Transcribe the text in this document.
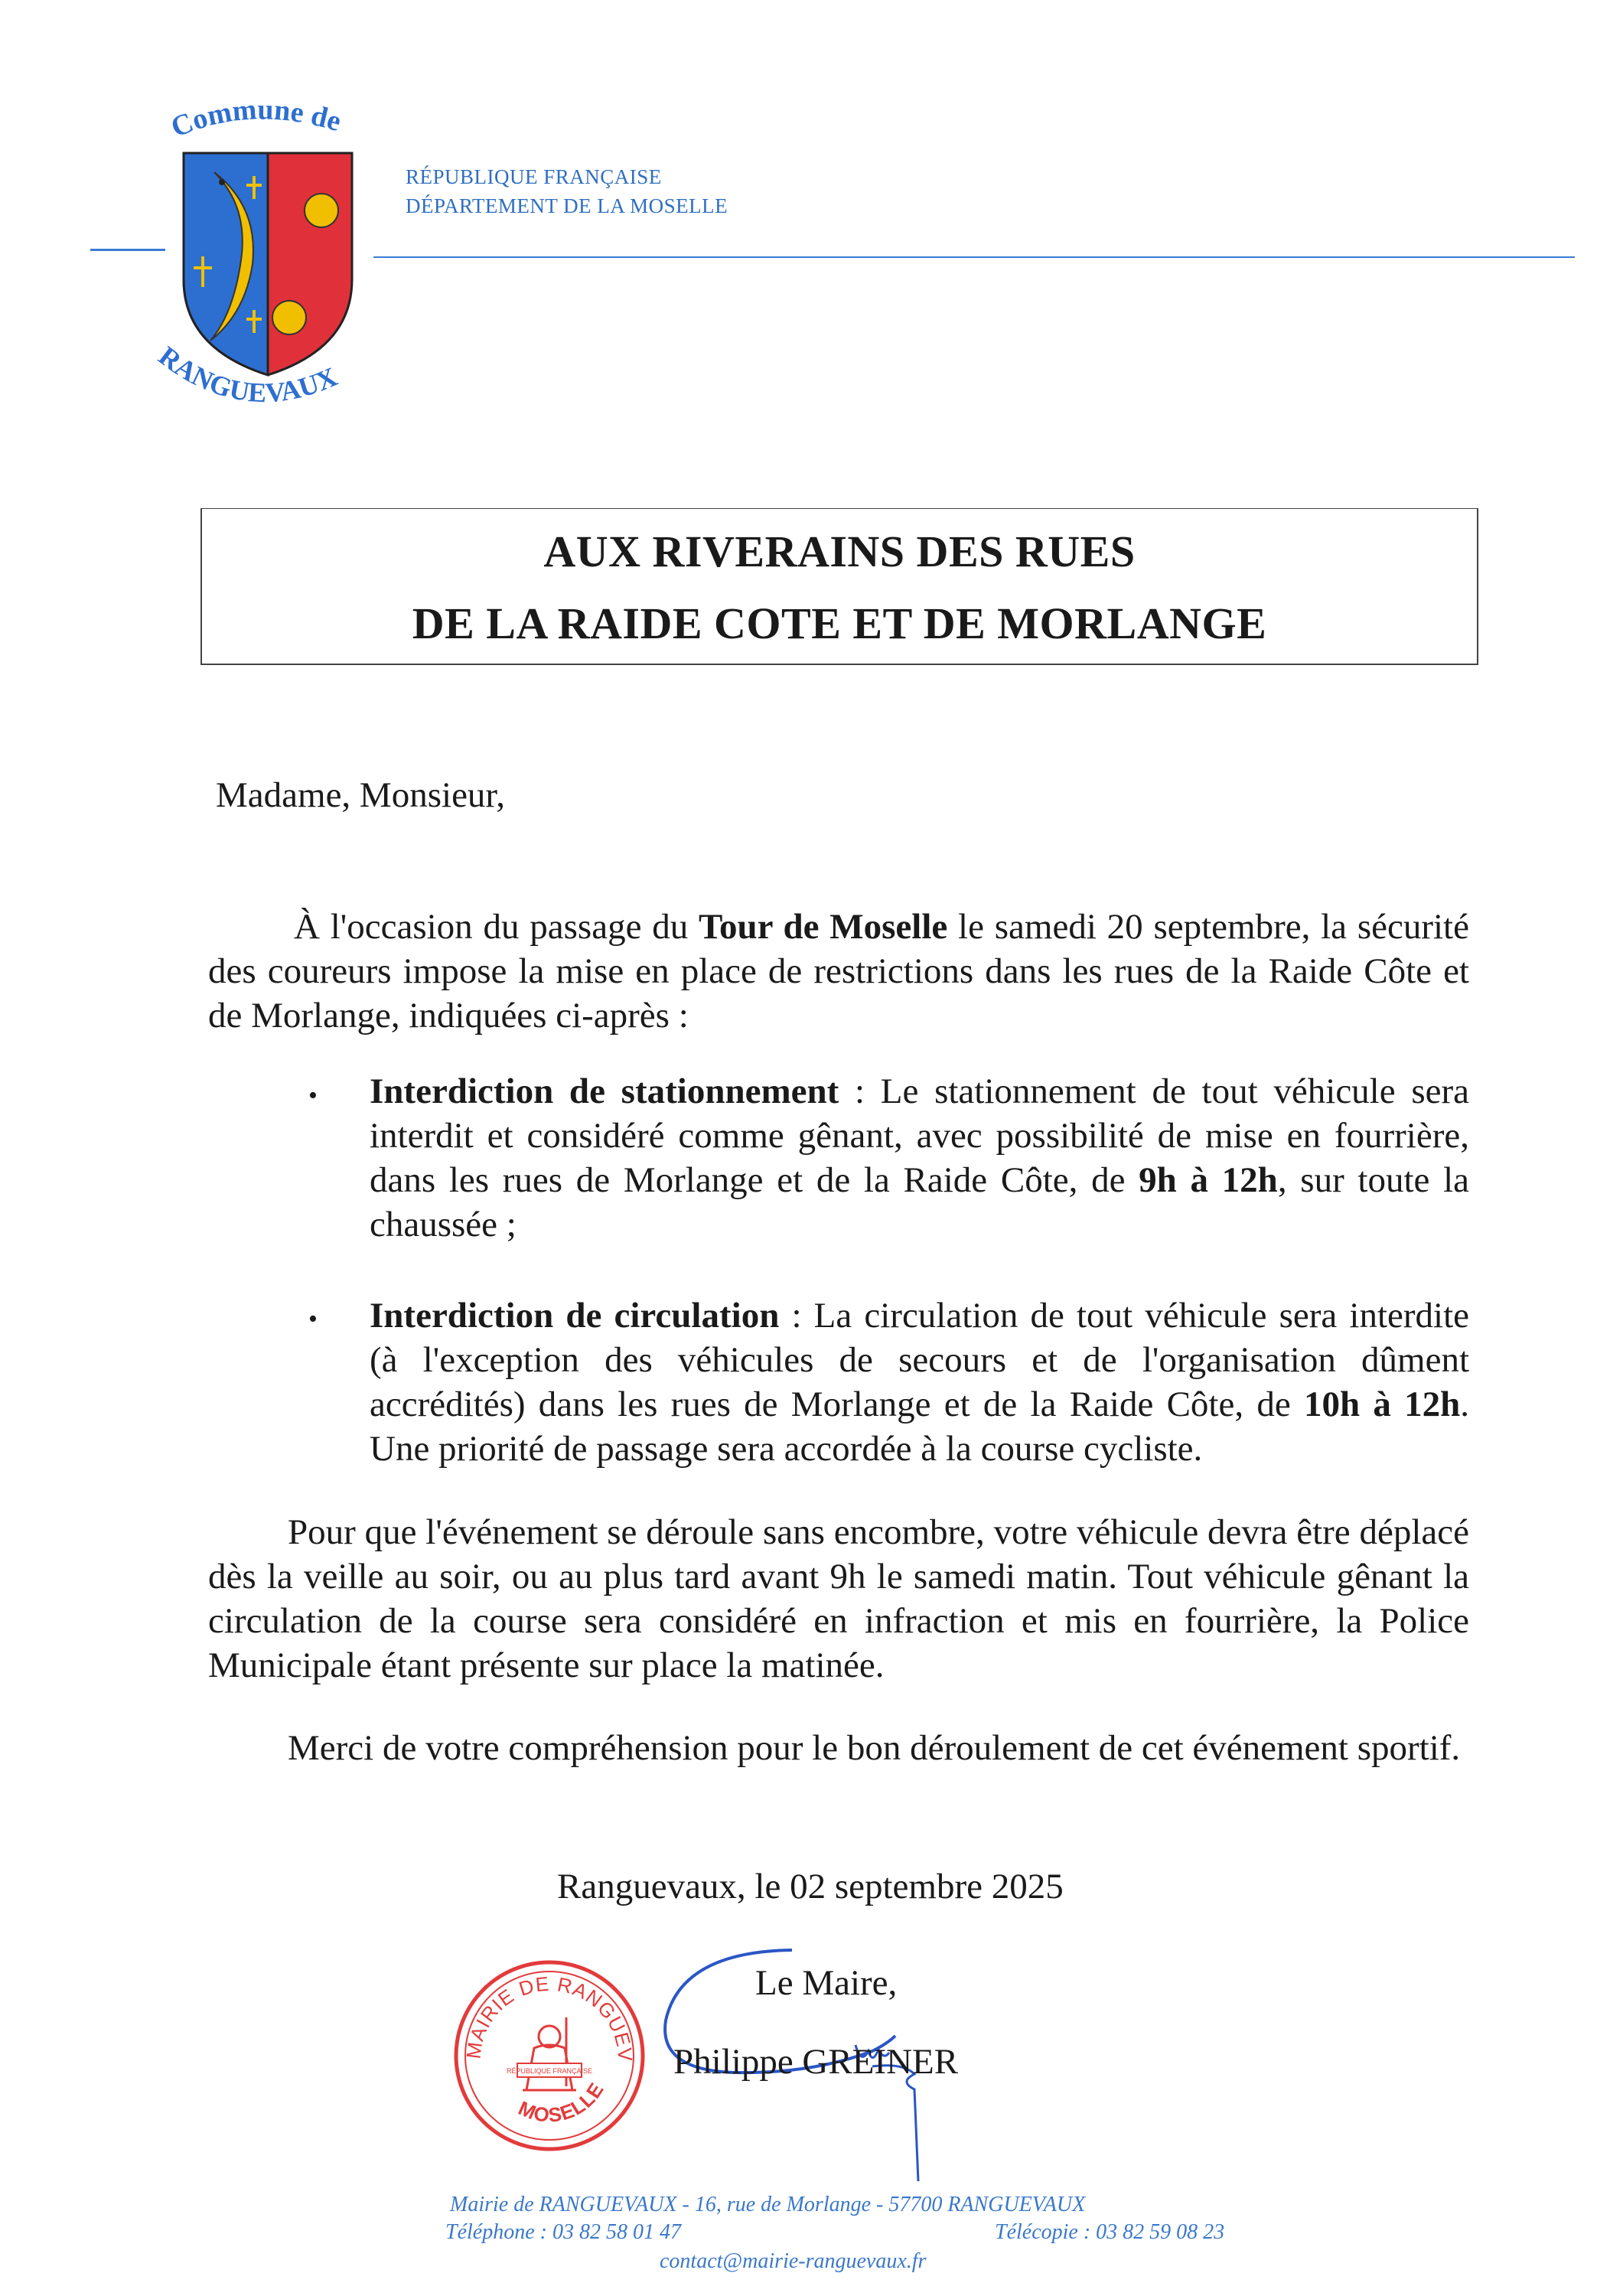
Commune de
RANGUEVAUX
RÉPUBLIQUE FRANÇAISE
DÉPARTEMENT DE LA MOSELLE
AUX RIVERAINS DES RUES
DE LA RAIDE COTE ET DE MORLANGE
Madame, Monsieur,
À l'occasion du passage du Tour de Moselle le samedi 20 septembre, la sécurité des coureurs impose la mise en place de restrictions dans les rues de la Raide Côte et de Morlange, indiquées ci-après :
• Interdiction de stationnement : Le stationnement de tout véhicule sera interdit et considéré comme gênant, avec possibilité de mise en fourrière, dans les rues de Morlange et de la Raide Côte, de 9h à 12h, sur toute la chaussée ;
• Interdiction de circulation : La circulation de tout véhicule sera interdite (à l'exception des véhicules de secours et de l'organisation dûment accrédités) dans les rues de Morlange et de la Raide Côte, de 10h à 12h. Une priorité de passage sera accordée à la course cycliste.
Pour que l'événement se déroule sans encombre, votre véhicule devra être déplacé dès la veille au soir, ou au plus tard avant 9h le samedi matin. Tout véhicule gênant la circulation de la course sera considéré en infraction et mis en fourrière, la Police Municipale étant présente sur place la matinée.
Merci de votre compréhension pour le bon déroulement de cet événement sportif.
Ranguevaux, le 02 septembre 2025
MAIRIE DE RANGUEV
MOSELLE
RÉPUBLIQUE FRANÇAISE
Le Maire,
Philippe GREINER
Mairie de RANGUEVAUX - 16, rue de Morlange - 57700 RANGUEVAUX
Téléphone : 03 82 58 01 47	Télécopie : 03 82 59 08 23
contact@mairie-ranguevaux.fr
